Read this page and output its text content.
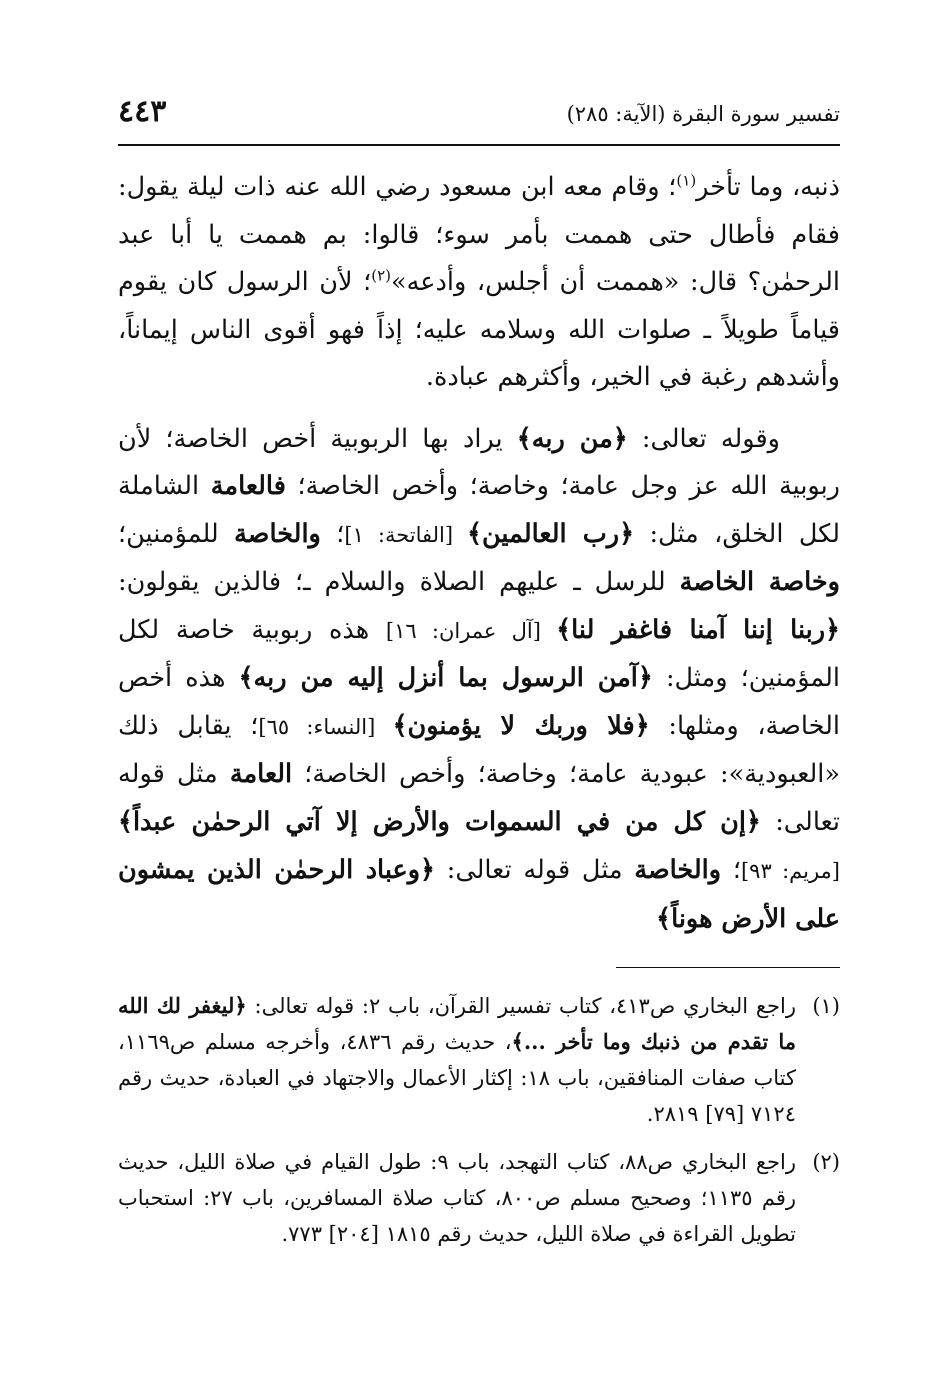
تفسير سورة البقرة (الآية: ٢٨٥)
٤٤٣

ذنبه، وما تأخر$^{(١)}$؛ وقام معه ابن مسعود رضي الله عنه ذات ليلة يقول: فقام فأطال حتى هممت بأمر سوء؛ قالوا: بم هممت يا أبا عبد الرحمٰن؟ قال: «هممت أن أجلس، وأدعه»$^{(٢)}$؛ لأن الرسول كان يقوم قياماً طويلاً ـ صلوات الله وسلامه عليه؛ إذاً فهو أقوى الناس إيماناً، وأشدهم رغبة في الخير، وأكثرهم عبادة.

وقوله تعالى: ﴿من ربه﴾ يراد بها الربوبية أخص الخاصة؛ لأن ربوبية الله عز وجل عامة؛ وخاصة؛ وأخص الخاصة؛ فالعامة الشاملة لكل الخلق، مثل: ﴿رب العالمين﴾ [الفاتحة: ١]؛ والخاصة للمؤمنين؛ وخاصة الخاصة للرسل ـ عليهم الصلاة والسلام ـ؛ فالذين يقولون: ﴿ربنا إننا آمنا فاغفر لنا﴾ [آل عمران: ١٦] هذه ربوبية خاصة لكل المؤمنين؛ ومثل: ﴿آمن الرسول بما أنزل إليه من ربه﴾ هذه أخص الخاصة، ومثلها: ﴿فلا وربك لا يؤمنون﴾ [النساء: ٦٥]؛ يقابل ذلك «العبودية»: عبودية عامة؛ وخاصة؛ وأخص الخاصة؛ العامة مثل قوله تعالى: ﴿إن كل من في السموات والأرض إلا آتي الرحمٰن عبداً﴾ [مريم: ٩٣]؛ والخاصة مثل قوله تعالى: ﴿وعباد الرحمٰن الذين يمشون على الأرض هوناً﴾

(١)
راجع البخاري ص٤١٣، كتاب تفسير القرآن، باب ٢: قوله تعالى: ﴿ليغفر لك الله ما تقدم من ذنبك وما تأخر ...﴾، حديث رقم ٤٨٣٦، وأخرجه مسلم ص١١٦٩، كتاب صفات المنافقين، باب ١٨: إكثار الأعمال والاجتهاد في العبادة، حديث رقم ٧١٢٤ [٧٩] ٢٨١٩.
(٢)
راجع البخاري ص٨٨، كتاب التهجد، باب ٩: طول القيام في صلاة الليل، حديث رقم ١١٣٥؛ وصحيح مسلم ص٨٠٠، كتاب صلاة المسافرين، باب ٢٧: استحباب تطويل القراءة في صلاة الليل، حديث رقم ١٨١٥ [٢٠٤] ٧٧٣.
